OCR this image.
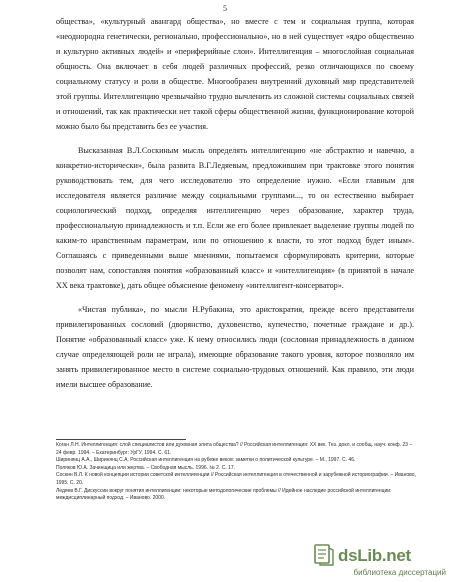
5

общества», «культурный авангард общества», но вместе с тем и социальная группа, которая «неоднородна генетически, регионально, профессионально», но в ней существует «ядро общественно и культурно активных людей» и «периферийные слои». Интеллигенция – многослойная социальная общность. Она включает в себя людей различных профессий, резко отличающихся по своему социальному статусу и роли в обществе. Многообразен внутренний духовный мир представителей этой группы. Интеллигенцию чрезвычайно трудно вычленить из сложной системы социальных связей и отношений, так как практически нет такой сферы общественной жизни, функционирование которой можно было бы представить без ее участия.

Высказанная В.Л.Соскиным мысль определять интеллигенцию «не абстрактно и навечно, а конкретно-исторически», была развита В.Г.Ледяевым, предложившим при трактовке этого понятия руководствовать тем, для чего исследователю это определение нужно. «Если главным для исследователя является различие между социальными группами..., то он естественно выбирает социологический подход, определяя интеллигенцию через образование, характер труда, профессиональную принадлежность и т.п. Если же его более привлекает выделение группы людей по каким-то нравственным параметрам, или по отношению к власти, то этот подход будет иным». Соглашаясь с приведенными выше мнениями, попытаемся сформулировать критерии, которые позволят нам, сопоставляя понятия «образованный класс» и «интеллигенция» (в принятой в начале XX века трактовке), дать общее объяснение феномену «интеллигент-консерватор».

«Чистая публика», по мысли Н.Рубакина, это аристократия, прежде всего представители привилегированных сословий (дворянство, духовенство, купечество, почетные граждане и др.). Понятие «образованный класс» уже. К нему относились люди (сословная принадлежность в данном случае определяющей роли не играла), имеющие образование такого уровня, которое позволяло им занять привилегированное место в системе социально-трудовых отношений. Как правило, эти люди имели высшее образование.

Коган Л.Н. Интеллигенция: слой специалистов или духовная элита общества? // Российская интеллигенция: XX век. Тез. докл. и сообщ. науч. конф. 23 – 24 февр. 1994. – Екатеринбург: УрГУ, 1994. С. 61.

Ширинянц А.А., Ширинянц С.А. Российская интеллигенция на рубеже веков: заметки о политической культуре. – М., 1997. С. 46.

Поляков Ю.А. Зачинщица или жертва. – Свободная мысль. 1996. № 2. С. 17.

Соскин В.Л. К новой концепции истории советской интеллигенции // Российская интеллигенция в отечественной и зарубежной историографии. – Иваново, 1995. С. 20.

Ледяев В.Г. Дискуссии вокруг понятия интеллигенции: некоторые методологические проблемы // Идейное наследие российской интеллигенции: междисциплинарный подход. – Иваново. 2000.

dsLib.net
библиотека диссертаций
